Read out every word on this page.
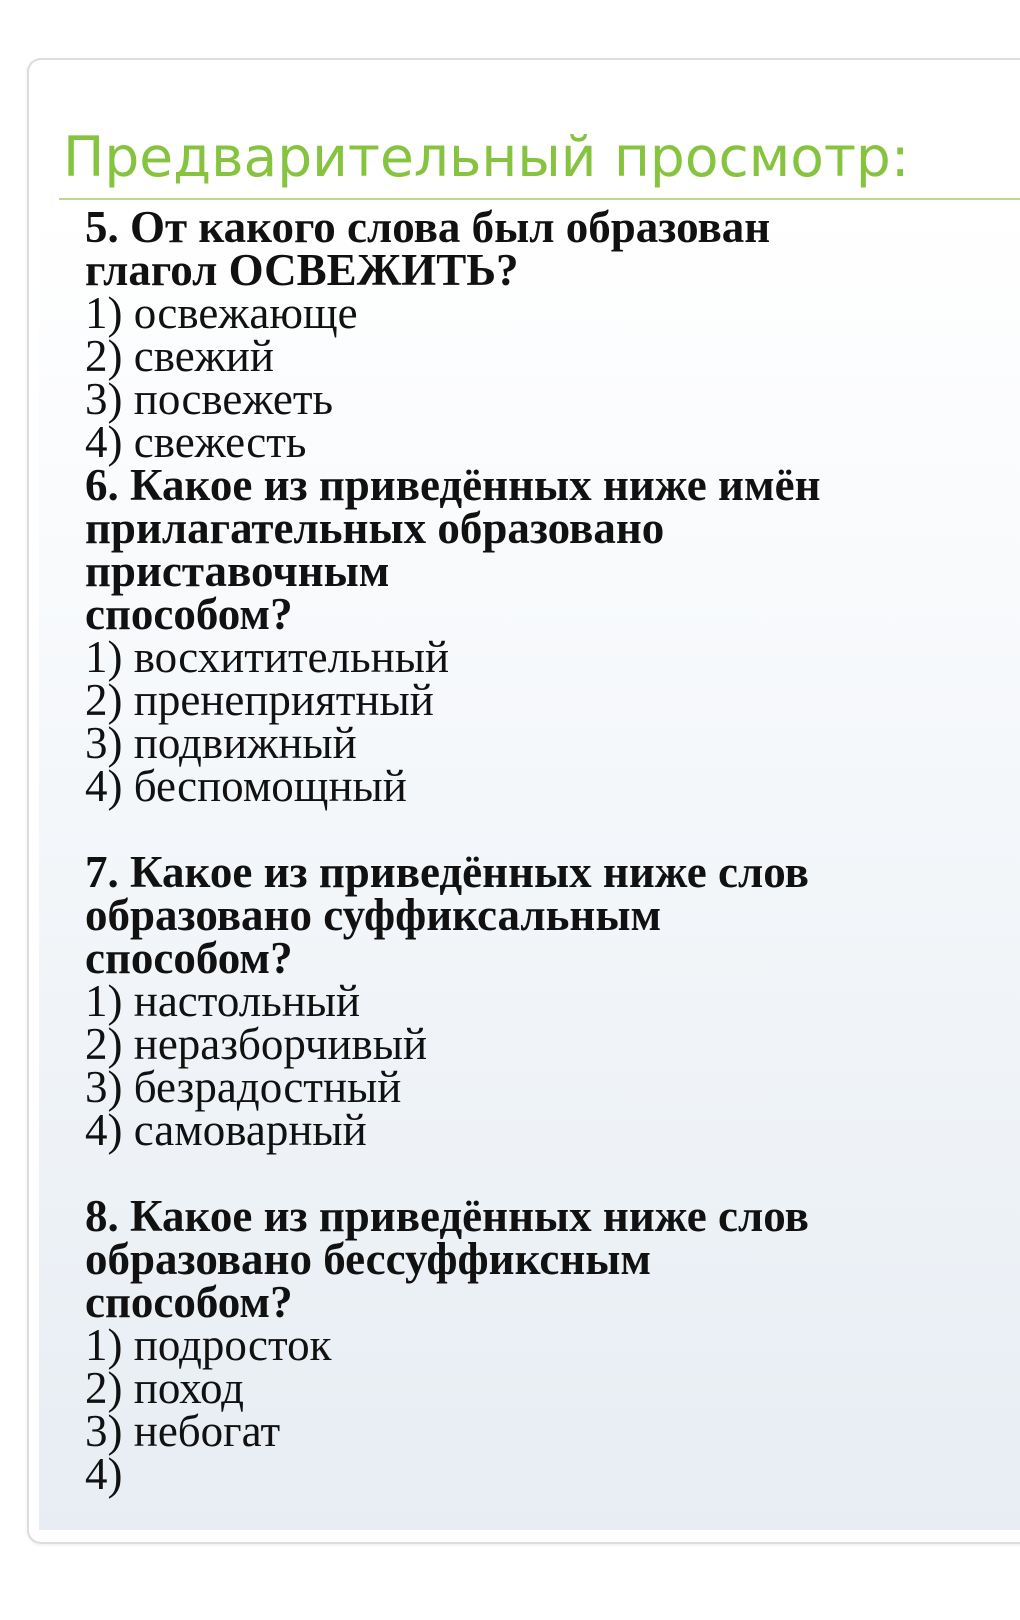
Предварительный просмотр:
5. От какого слова был образован
глагол ОСВЕЖИТЬ?
1) освежающе
2) свежий
3) посвежеть
4) свежесть
6. Какое из приведённых ниже имён
прилагательных образовано
приставочным
способом?
1) восхитительный
2) пренеприятный
3) подвижный
4) беспомощный
7. Какое из приведённых ниже слов
образовано суффиксальным
способом?
1) настольный
2) неразборчивый
3) безрадостный
4) самоварный
8. Какое из приведённых ниже слов
образовано бессуффиксным
способом?
1) подросток
2) поход
3) небогат
4)
